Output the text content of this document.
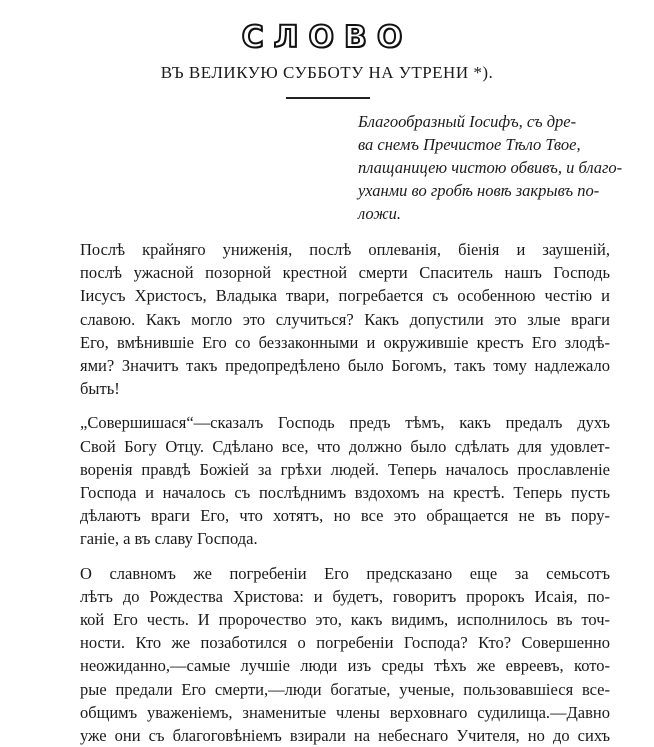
СЛОВО
ВЪ ВЕЛИКУЮ СУББОТУ НА УТРЕНИ *).
Благообразный Іосифъ, съ дре-
ва снемъ Пречистое Тѣло Твое,
плащаницею чистою обвивъ, и благо-
уханми во гробѣ новѣ закрывъ по-
ложи.
Послѣ крайняго униженія, послѣ оплеванія, біенія и заушеній,
послѣ ужасной позорной крестной смерти Спаситель нашъ Господь
Іисусъ Христосъ, Владыка твари, погребается съ особенною честію и
славою. Какъ могло это случиться? Какъ допустили это злые враги
Его, вмѣнившіе Его со беззаконными и окружившіе крестъ Его злодѣ-
ями? Значитъ такъ предопредѣлено было Богомъ, такъ тому надлежало
быть!
„Совершишася“—сказалъ Господь предъ тѣмъ, какъ предалъ духъ
Свой Богу Отцу. Сдѣлано все, что должно было сдѣлать для удовлет-
воренія правдѣ Божіей за грѣхи людей. Теперь началось прославленіе
Господа и началось съ послѣднимъ вздохомъ на крестѣ. Теперь пусть
дѣлаютъ враги Его, что хотятъ, но все это обращается не въ пору-
ганіе, а въ славу Господа.
О славномъ же погребеніи Его предсказано еще за семьсотъ
лѣтъ до Рождества Христова: и будетъ, говоритъ пророкъ Исаія, по-
кой Его честь. И пророчество это, какъ видимъ, исполнилось въ точ-
ности. Кто же позаботился о погребеніи Господа? Кто? Совершенно
неожиданно,—самые лучшіе люди изъ среды тѣхъ же евреевъ, кото-
рые предали Его смерти,—люди богатые, ученые, пользовавшіеся все-
общимъ уваженіемъ, знаменитые члены верховнаго судилища.—Давно
уже они съ благоговѣніемъ взирали на небеснаго Учителя, но до сихъ
